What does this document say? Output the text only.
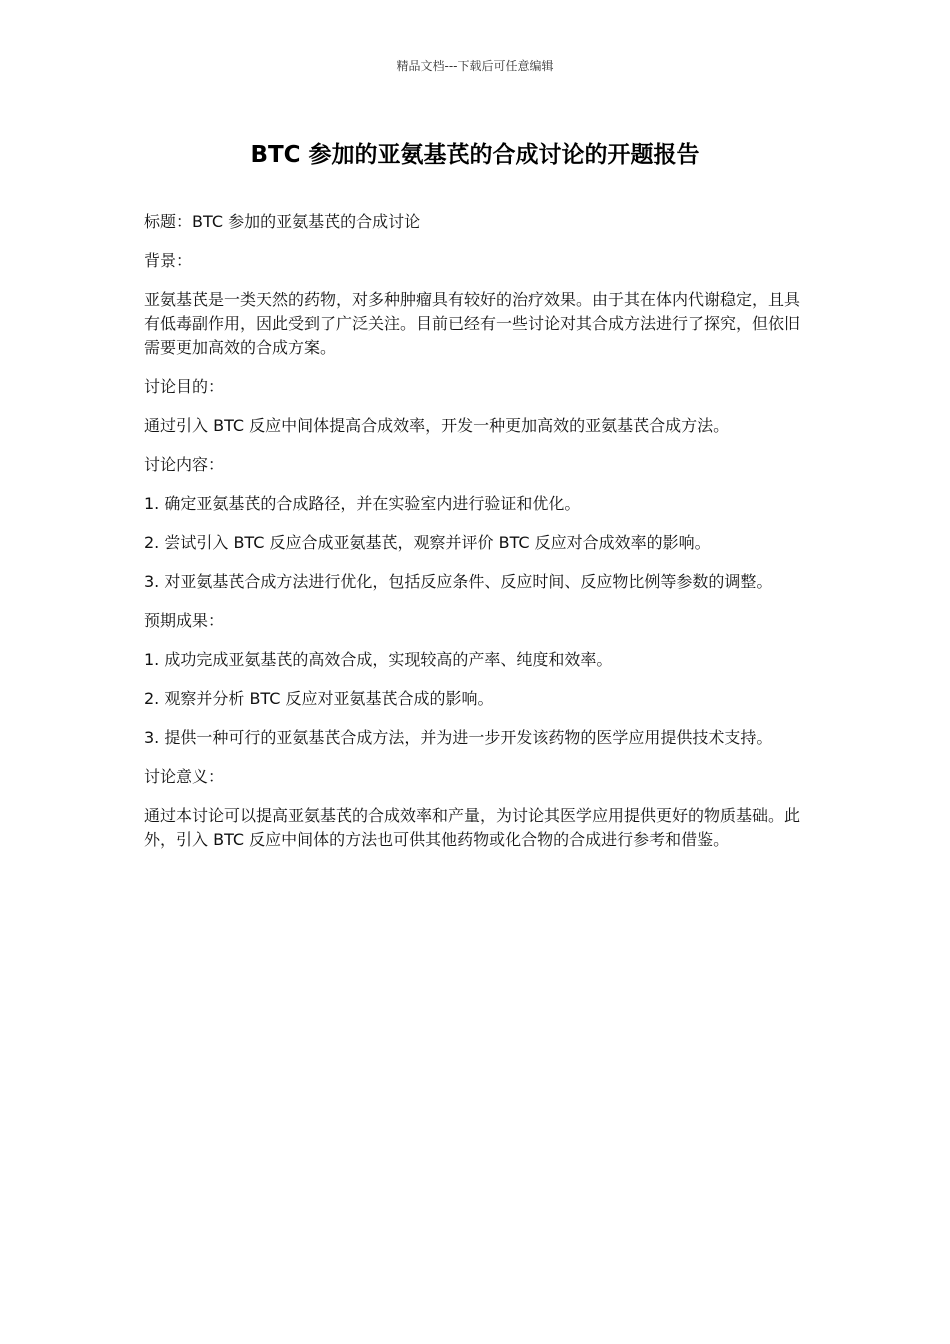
精品文档---下载后可任意编辑
BTC 参加的亚氨基芪的合成讨论的开题报告

标题：BTC 参加的亚氨基芪的合成讨论

背景：

亚氨基芪是一类天然的药物，对多种肿瘤具有较好的治疗效果。由于其在体内代谢稳定，且具有低毒副作用，因此受到了广泛关注。目前已经有一些讨论对其合成方法进行了探究，但依旧需要更加高效的合成方案。

讨论目的：

通过引入 BTC 反应中间体提高合成效率，开发一种更加高效的亚氨基芪合成方法。

讨论内容：

1. 确定亚氨基芪的合成路径，并在实验室内进行验证和优化。

2. 尝试引入 BTC 反应合成亚氨基芪，观察并评价 BTC 反应对合成效率的影响。

3. 对亚氨基芪合成方法进行优化，包括反应条件、反应时间、反应物比例等参数的调整。

预期成果：

1. 成功完成亚氨基芪的高效合成，实现较高的产率、纯度和效率。

2. 观察并分析 BTC 反应对亚氨基芪合成的影响。

3. 提供一种可行的亚氨基芪合成方法，并为进一步开发该药物的医学应用提供技术支持。

讨论意义：

通过本讨论可以提高亚氨基芪的合成效率和产量，为讨论其医学应用提供更好的物质基础。此外，引入 BTC 反应中间体的方法也可供其他药物或化合物的合成进行参考和借鉴。
